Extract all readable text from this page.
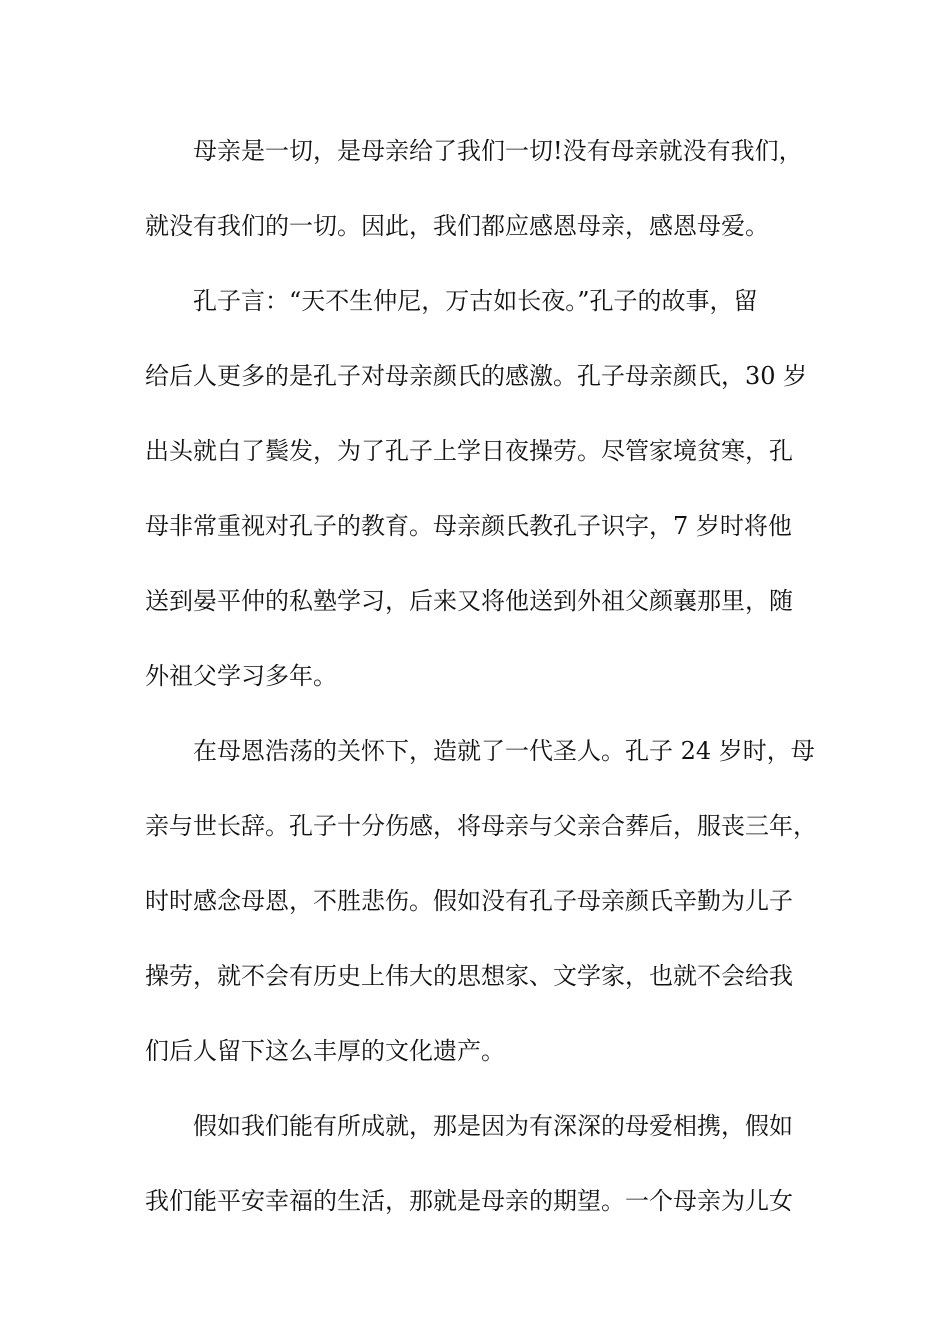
母亲是一切，是母亲给了我们一切!没有母亲就没有我们，
就没有我们的一切。因此，我们都应感恩母亲，感恩母爱。
孔子言：“天不生仲尼，万古如长夜。”孔子的故事，留
给后人更多的是孔子对母亲颜氏的感激。孔子母亲颜氏，30 岁
出头就白了鬓发，为了孔子上学日夜操劳。尽管家境贫寒，孔
母非常重视对孔子的教育。母亲颜氏教孔子识字，7 岁时将他
送到晏平仲的私塾学习，后来又将他送到外祖父颜襄那里，随
外祖父学习多年。
在母恩浩荡的关怀下，造就了一代圣人。孔子 24 岁时，母
亲与世长辞。孔子十分伤感，将母亲与父亲合葬后，服丧三年，
时时感念母恩，不胜悲伤。假如没有孔子母亲颜氏辛勤为儿子
操劳，就不会有历史上伟大的思想家、文学家，也就不会给我
们后人留下这么丰厚的文化遗产。
假如我们能有所成就，那是因为有深深的母爱相携，假如
我们能平安幸福的生活，那就是母亲的期望。一个母亲为儿女
